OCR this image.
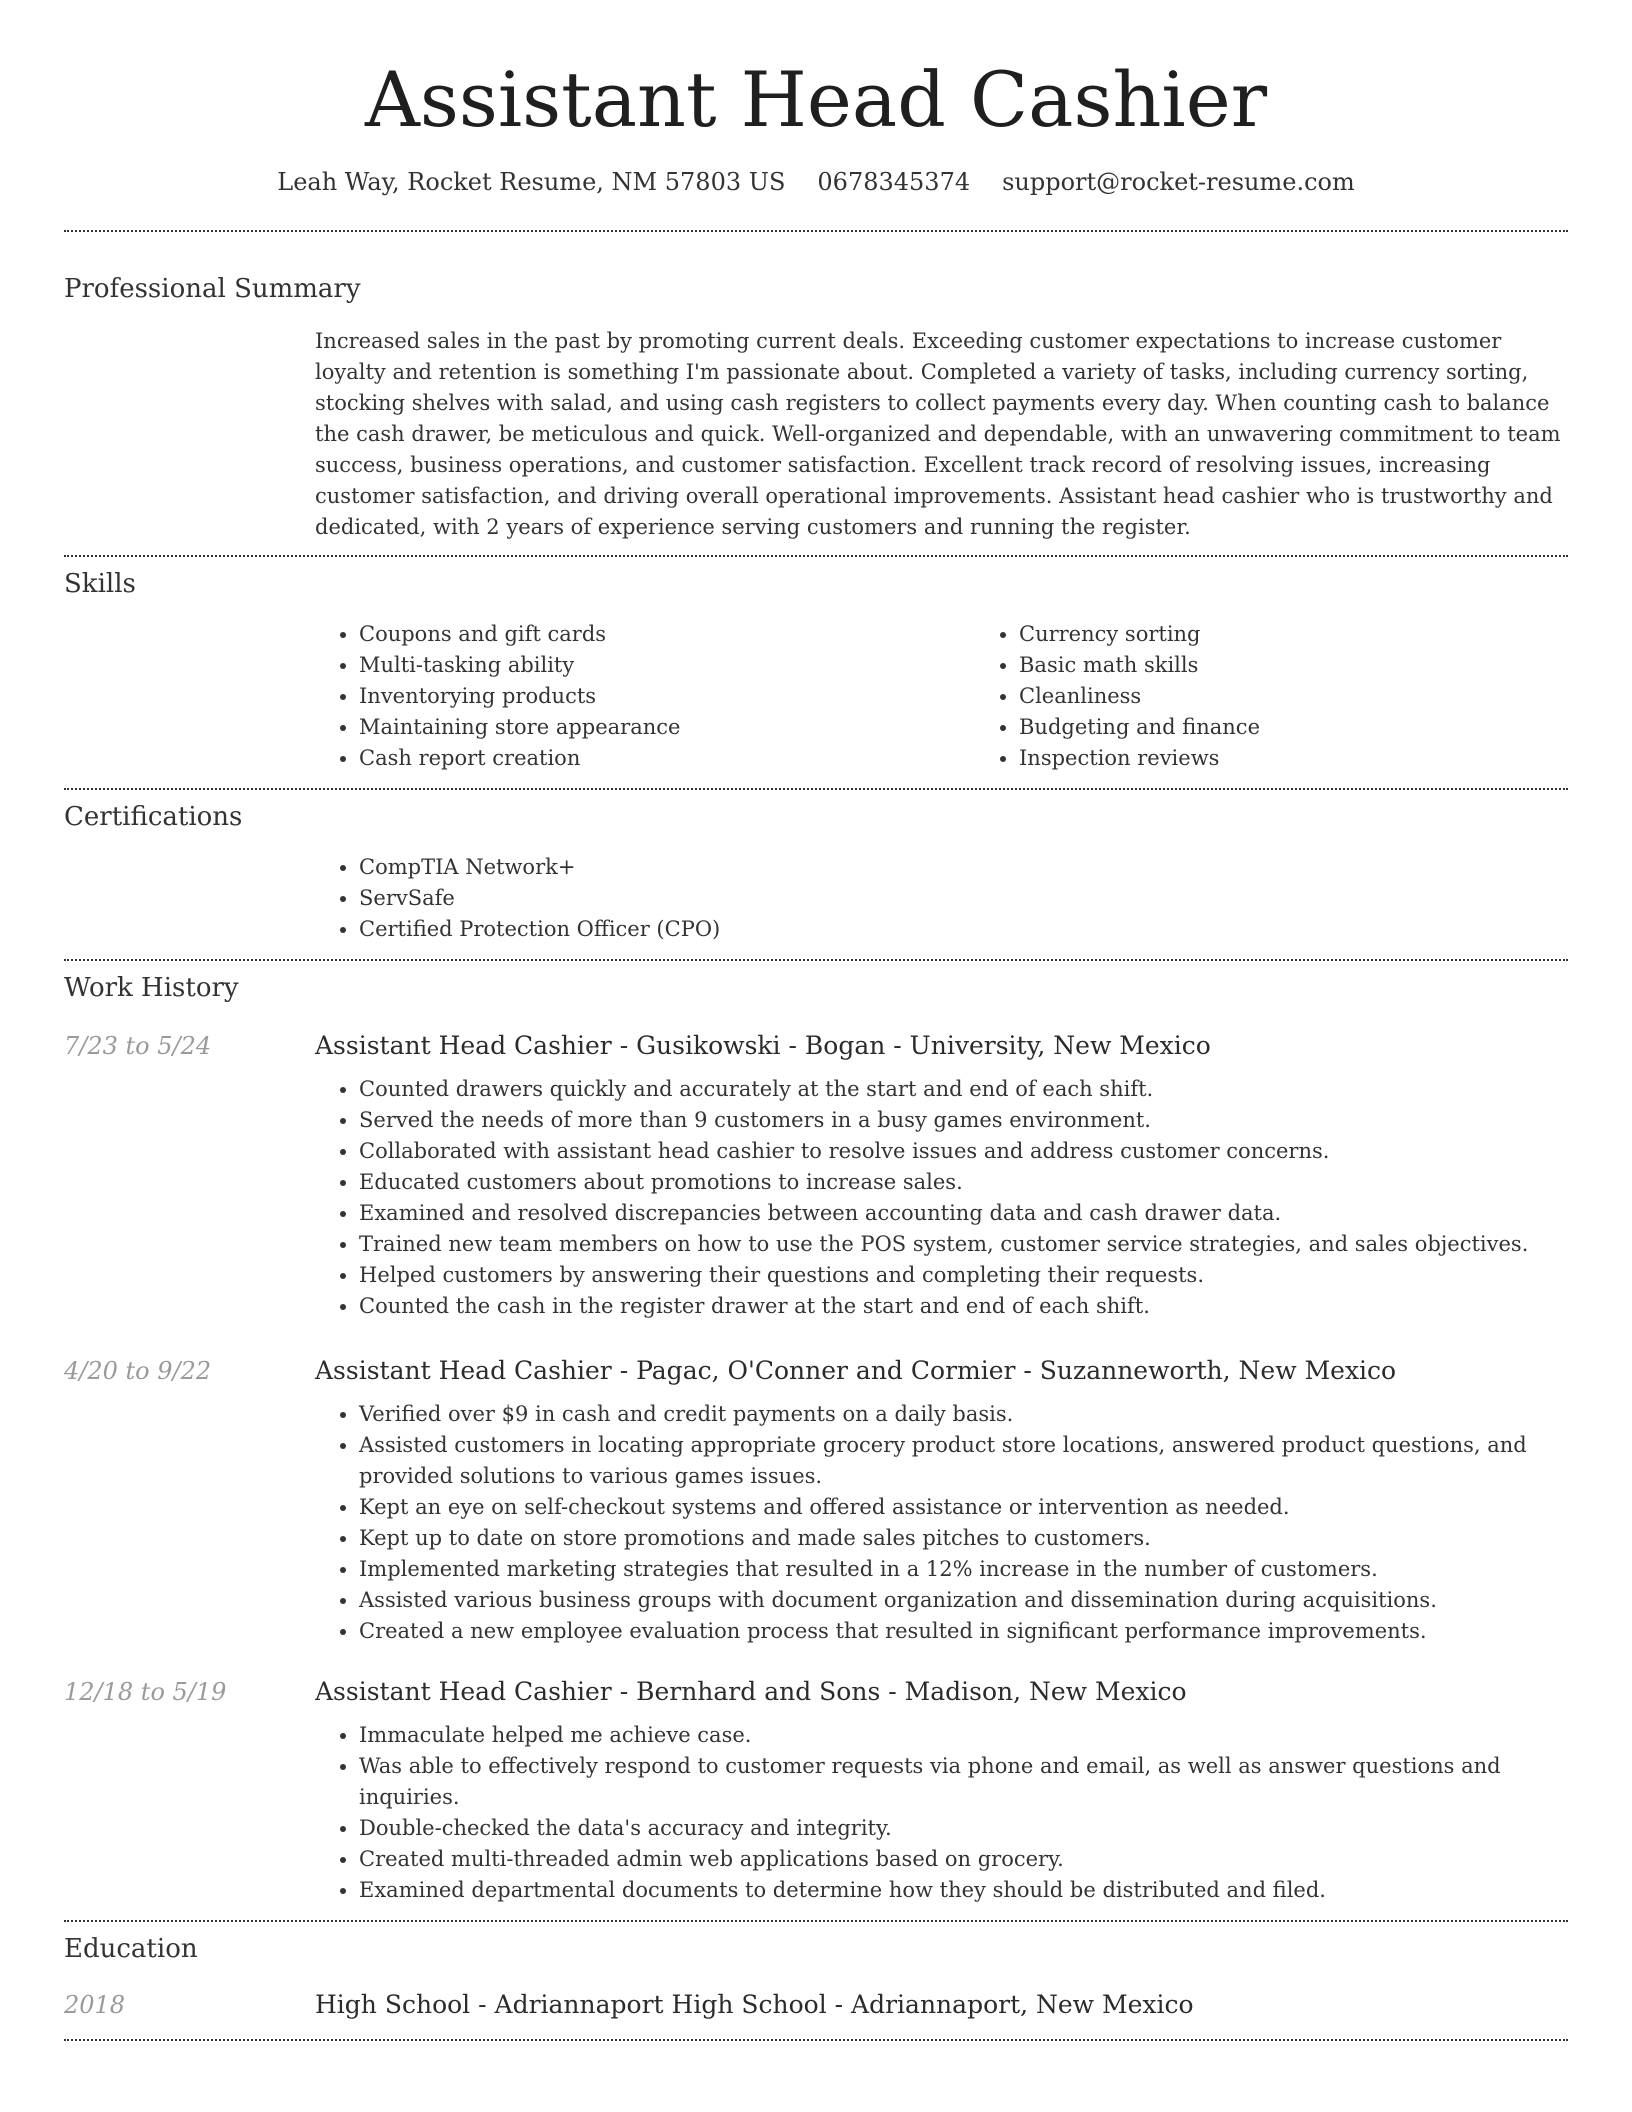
Assistant Head Cashier
Leah Way, Rocket Resume, NM 57803 US 0678345374 support@rocket-resume.com
Professional Summary

Increased sales in the past by promoting current deals. Exceeding customer expectations to increase customer loyalty and retention is something I'm passionate about. Completed a variety of tasks, including currency sorting, stocking shelves with salad, and using cash registers to collect payments every day. When counting cash to balance the cash drawer, be meticulous and quick. Well-organized and dependable, with an unwavering commitment to team success, business operations, and customer satisfaction. Excellent track record of resolving issues, increasing customer satisfaction, and driving overall operational improvements. Assistant head cashier who is trustworthy and dedicated, with 2 years of experience serving customers and running the register.

Skills
• Coupons and gift cards
• Multi-tasking ability
• Inventorying products
• Maintaining store appearance
• Cash report creation
• Currency sorting
• Basic math skills
• Cleanliness
• Budgeting and finance
• Inspection reviews
Certifications
• CompTIA Network+
• ServSafe
• Certified Protection Officer (CPO)
Work History
7/23 to 5/24	Assistant Head Cashier - Gusikowski - Bogan - University, New Mexico
• Counted drawers quickly and accurately at the start and end of each shift.
• Served the needs of more than 9 customers in a busy games environment.
• Collaborated with assistant head cashier to resolve issues and address customer concerns.
• Educated customers about promotions to increase sales.
• Examined and resolved discrepancies between accounting data and cash drawer data.
• Trained new team members on how to use the POS system, customer service strategies, and sales objectives.
• Helped customers by answering their questions and completing their requests.
• Counted the cash in the register drawer at the start and end of each shift.
4/20 to 9/22	Assistant Head Cashier - Pagac, O'Conner and Cormier - Suzanneworth, New Mexico
• Verified over $9 in cash and credit payments on a daily basis.
• Assisted customers in locating appropriate grocery product store locations, answered product questions, and provided solutions to various games issues.
• Kept an eye on self-checkout systems and offered assistance or intervention as needed.
• Kept up to date on store promotions and made sales pitches to customers.
• Implemented marketing strategies that resulted in a 12% increase in the number of customers.
• Assisted various business groups with document organization and dissemination during acquisitions.
• Created a new employee evaluation process that resulted in significant performance improvements.
12/18 to 5/19	Assistant Head Cashier - Bernhard and Sons - Madison, New Mexico
• Immaculate helped me achieve case.
• Was able to effectively respond to customer requests via phone and email, as well as answer questions and inquiries.
• Double-checked the data's accuracy and integrity.
• Created multi-threaded admin web applications based on grocery.
• Examined departmental documents to determine how they should be distributed and filed.
Education
2018	High School - Adriannaport High School - Adriannaport, New Mexico
